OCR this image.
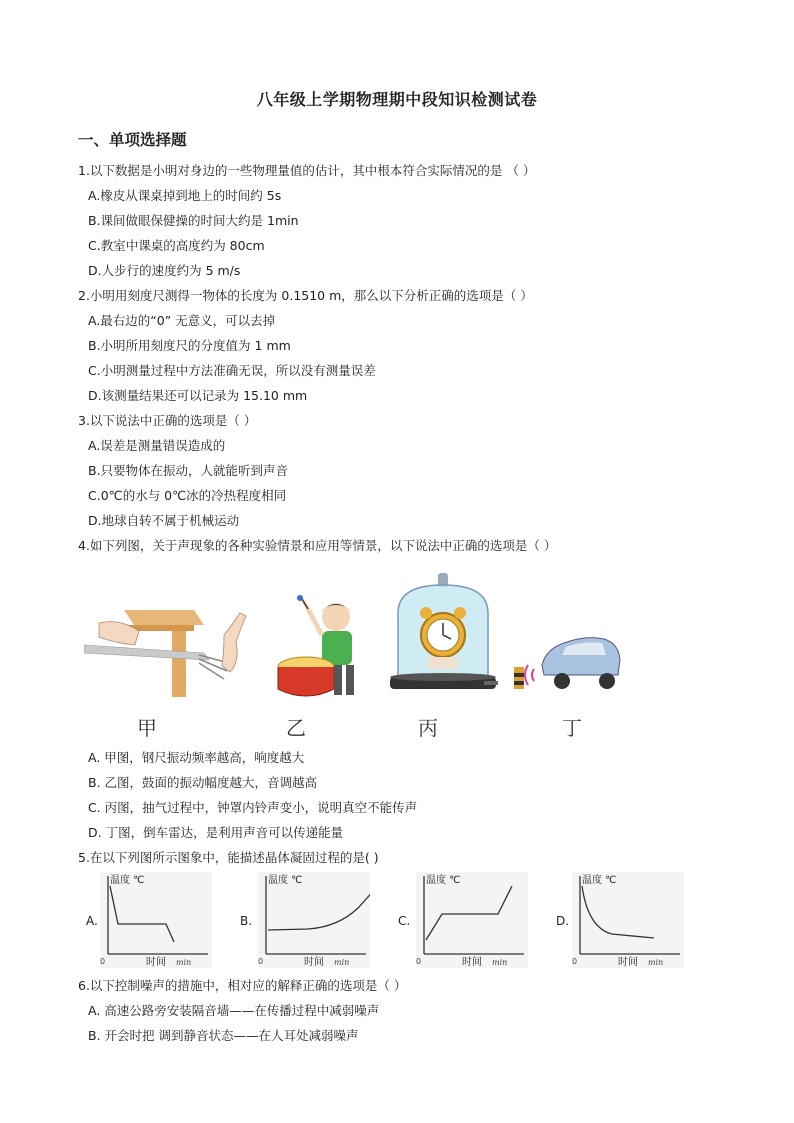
八年级上学期物理期中段知识检测试卷
一、单项选择题
1.以下数据是小明对身边的一些物理量值的估计，其中根本符合实际情况的是 （ ）
A.橡皮从课桌掉到地上的时间约 5s
B.课间做眼保健操的时间大约是 1min
C.教室中课桌的高度约为 80cm
D.人步行的速度约为 5 m/s
2.小明用刻度尺测得一物体的长度为 0.1510 m，那么以下分析正确的选项是（ ）
A.最右边的“0” 无意义，可以去掉
B.小明所用刻度尺的分度值为 1 mm
C.小明测量过程中方法准确无误，所以没有测量误差
D.该测量结果还可以记录为 15.10 mm
3.以下说法中正确的选项是（ ）
A.误差是测量错误造成的
B.只要物体在振动，人就能听到声音
C.0℃的水与 0℃冰的冷热程度相同
D.地球自转不属于机械运动
4.如下列图，关于声现象的各种实验情景和应用等情景，以下说法中正确的选项是（ ）
甲	乙	丙	丁
A. 甲图，钢尺振动频率越高，响度越大
B. 乙图，鼓面的振动幅度越大，音调越高
C. 丙图，抽气过程中，钟罩内铃声变小，说明真空不能传声
D. 丁图，倒车雷达，是利用声音可以传递能量
5.在以下列图所示图象中，能描述晶体凝固过程的是( )
A.	B.	C.	D.
温度 ℃
时间 min
0
温度 ℃
时间 min
0
温度 ℃
时间 min
0
温度 ℃
时间 min
0
6.以下控制噪声的措施中，相对应的解释正确的选项是（ ）
A. 高速公路旁安装隔音墙——在传播过程中减弱噪声
B. 开会时把 调到静音状态——在人耳处减弱噪声
